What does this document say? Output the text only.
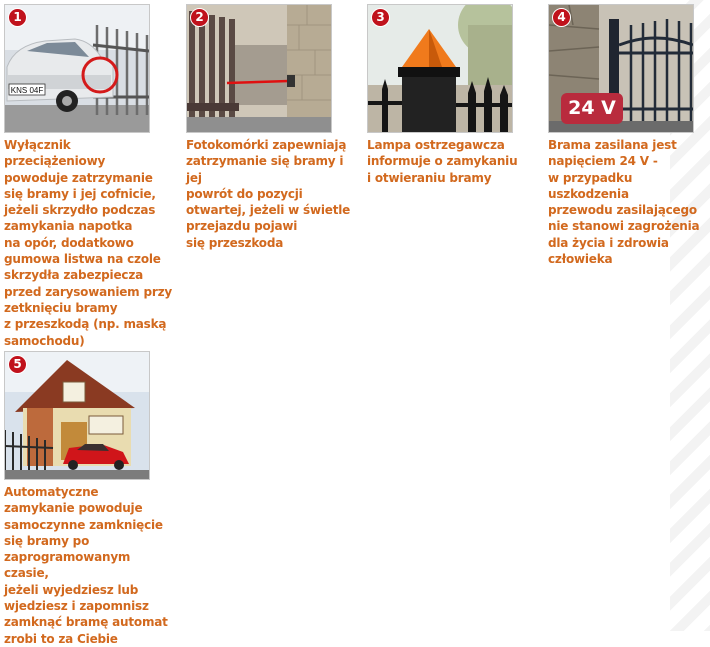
KNS 04F
1
Wyłącznik przeciążeniowy
powoduje zatrzymanie
się bramy i jej cofnicie,
jeżeli skrzydło podczas
zamykania napotka
na opór, dodatkowo
gumowa listwa na czole
skrzydła zabezpiecza
przed zarysowaniem przy
zetknięciu bramy
z przeszkodą (np. maską
samochodu)
2
Fotokomórki zapewniają
zatrzymanie się bramy i jej
powrót do pozycji
otwartej, jeżeli w świetle
przejazdu pojawi
się przeszkoda
3
Lampa ostrzegawcza
informuje o zamykaniu
i otwieraniu bramy
4
24 V
Brama zasilana jest
napięciem 24 V -
w przypadku uszkodzenia
przewodu zasilającego
nie stanowi zagrożenia
dla życia i zdrowia
człowieka
5
Automatyczne
zamykanie powoduje
samoczynne zamknięcie
się bramy po
zaprogramowanym czasie,
jeżeli wyjedziesz lub
wjedziesz i zapomnisz
zamknąć bramę automat
zrobi to za Ciebie
